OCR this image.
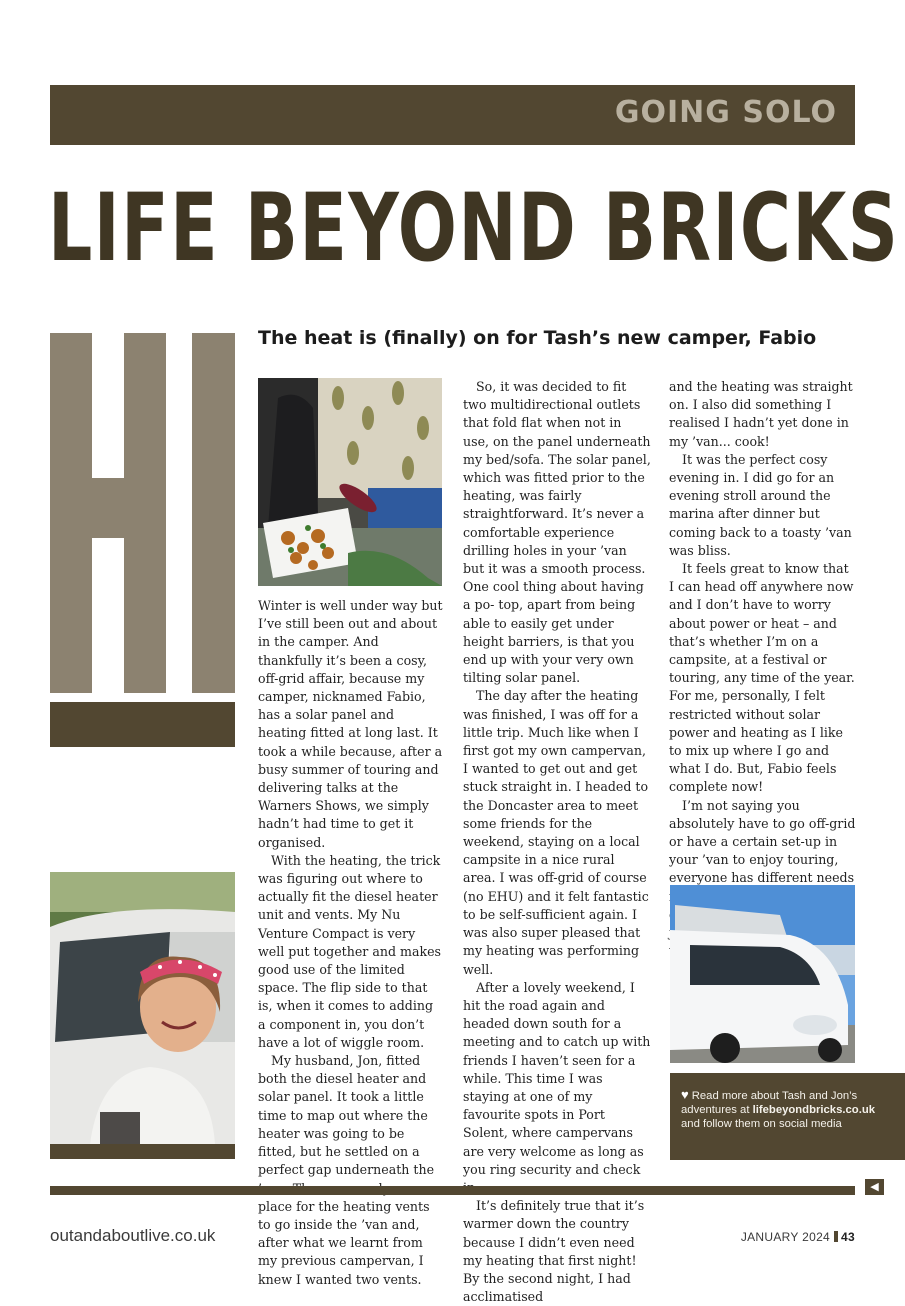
GOING SOLO
LIFE BEYOND BRICKS
The heat is (finally) on for Tash’s new camper, Fabio

Winter is well under way but I’ve still been out and about in the camper. And thankfully it’s been a cosy, off-grid affair, because my camper, nicknamed Fabio, has a solar panel and heating fitted at long last. It took a while because, after a busy summer of touring and delivering talks at the Warners Shows, we simply hadn’t had time to get it organised.

With the heating, the trick was figuring out where to actually fit the diesel heater unit and vents. My Nu Venture Compact is very well put together and makes good use of the limited space. The flip side to that is, when it comes to adding a component in, you don’t have a lot of wiggle room.

My husband, Jon, fitted both the diesel heater and solar panel. It took a little time to map out where the heater was going to be fitted, but he settled on a perfect gap underneath the place for the heating vents to go inside the ’van and, after what we learnt from my previous campervan, I knew I wanted two vents.

So, it was decided to fit two multidirectional outlets that fold flat when not in use, on the panel underneath my bed/sofa. The solar panel, which was fitted prior to the heating, was fairly straightforward. It’s never a comfortable experience drilling holes in your ’van but it was a smooth process. One cool thing about having a po- top, apart from being able to easily get under height barriers, is that you end up with your very own tilting solar panel.

The day after the heating was finished, I was off for a little trip. Much like when I first got my own campervan, I wanted to get out and get stuck straight in. I headed to the Doncaster area to meet some friends for the weekend, staying on a local campsite in a nice rural area. I was off-grid of course (no EHU) and it felt fantastic to be self-sufficient again. I was also super pleased that my heating was performing well.

After a lovely weekend, I hit the road again and headed down south for a meeting and to catch up with friends I haven’t seen for a while. This time I was staying at one of my favourite spots in Port Solent, where campervans are very welcome as long as you ring security and check

It’s definitely true that it’s warmer down the country because I didn’t even need my heating that first night! By the second night, I had acclimatised

and the heating was straight on. I also did something I realised I hadn’t yet done in my ’van... cook!

It was the perfect cosy evening in. I did go for an evening stroll around the marina after dinner but coming back to a toasty ’van was bliss.

It feels great to know that I can head off anywhere now and I don’t have to worry about power or heat – and that’s whether I’m on a campsite, at a festival or touring, any time of the year. For me, personally, I felt restricted without solar power and heating as I like to mix up where I go and what I do. But, Fabio feels complete now!

I’m not saying you absolutely have to go off-grid or have a certain set-up in your ’van to enjoy touring, everyone has different needs

♥ Read more about Tash and Jon’s adventures at lifebeyondbricks.co.uk and follow them on social media
◀
outandaboutlive.co.uk	JANUARY 2024 43
